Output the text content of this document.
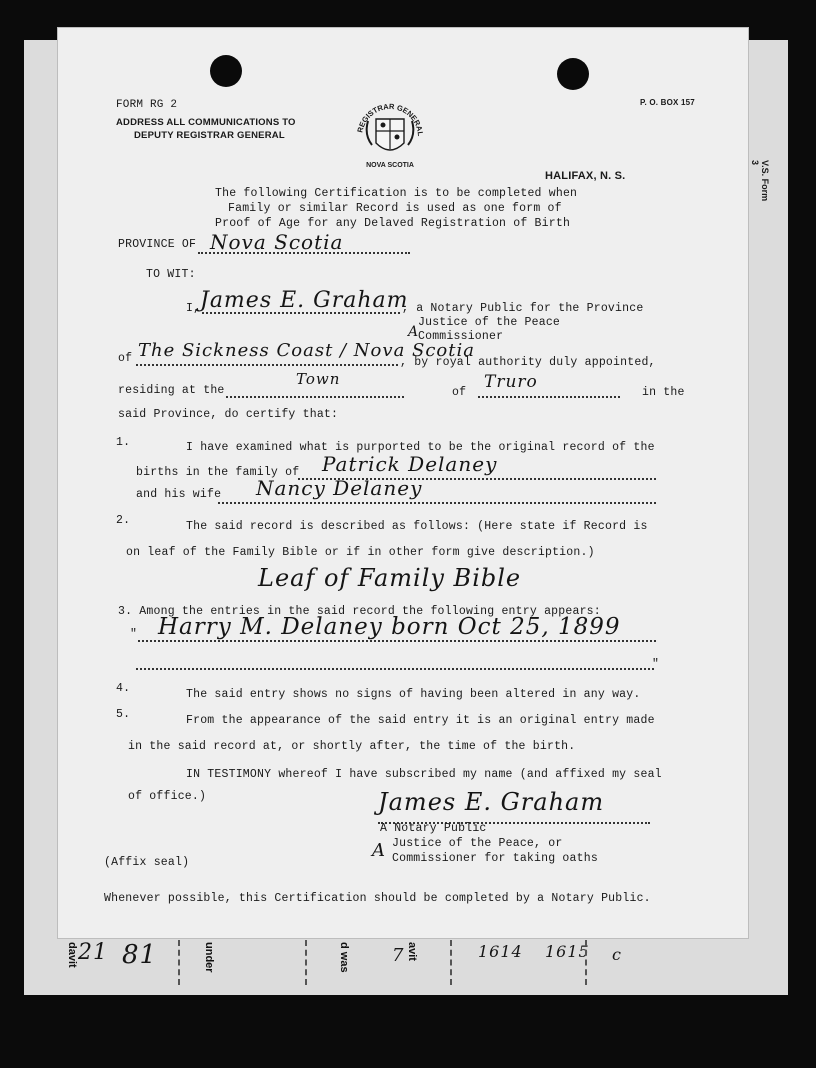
21 81
davit	under	d was	avit
7	1614 1615 c
FORM RG 2
ADDRESS ALL COMMUNICATIONS TO
DEPUTY REGISTRAR GENERAL
REGISTRAR GENERAL
NOVA SCOTIA
P. O. BOX 157
HALIFAX, N. S.	V.S. Form 3
The following Certification is to be completed when
Family or similar Record is used as one form of
Proof of Age for any Delaved Registration of Birth
PROVINCE OF Nova Scotia
TO WIT:
I, James E. Graham
, a Notary Public for the Province
Justice of the Peace
A
Commissioner
of The Sickness Coast / Nova Scotia
, by royal authority duly appointed,
residing at the
Town
of
Truro
in the
said Province, do certify that:
1.	I have examined what is purported to be the original record of the
births in the family of Patrick Delaney
and his wife Nancy Delaney
2.	The said record is described as follows: (Here state if Record is
on leaf of the Family Bible or if in other form give description.)
Leaf of Family Bible
3. Among the entries in the said record the following entry appears:
" Harry M. Delaney born Oct 25, 1899
"
4.	The said entry shows no signs of having been altered in any way.
5.	From the appearance of the said entry it is an original entry made
in the said record at, or shortly after, the time of the birth.
IN TESTIMONY whereof I have subscribed my name (and affixed my seal
of office.)	James E. Graham
A Notary Public
Justice of the Peace, or
A Commissioner for taking oaths
(Affix seal)
Whenever possible, this Certification should be completed by a Notary Public.
